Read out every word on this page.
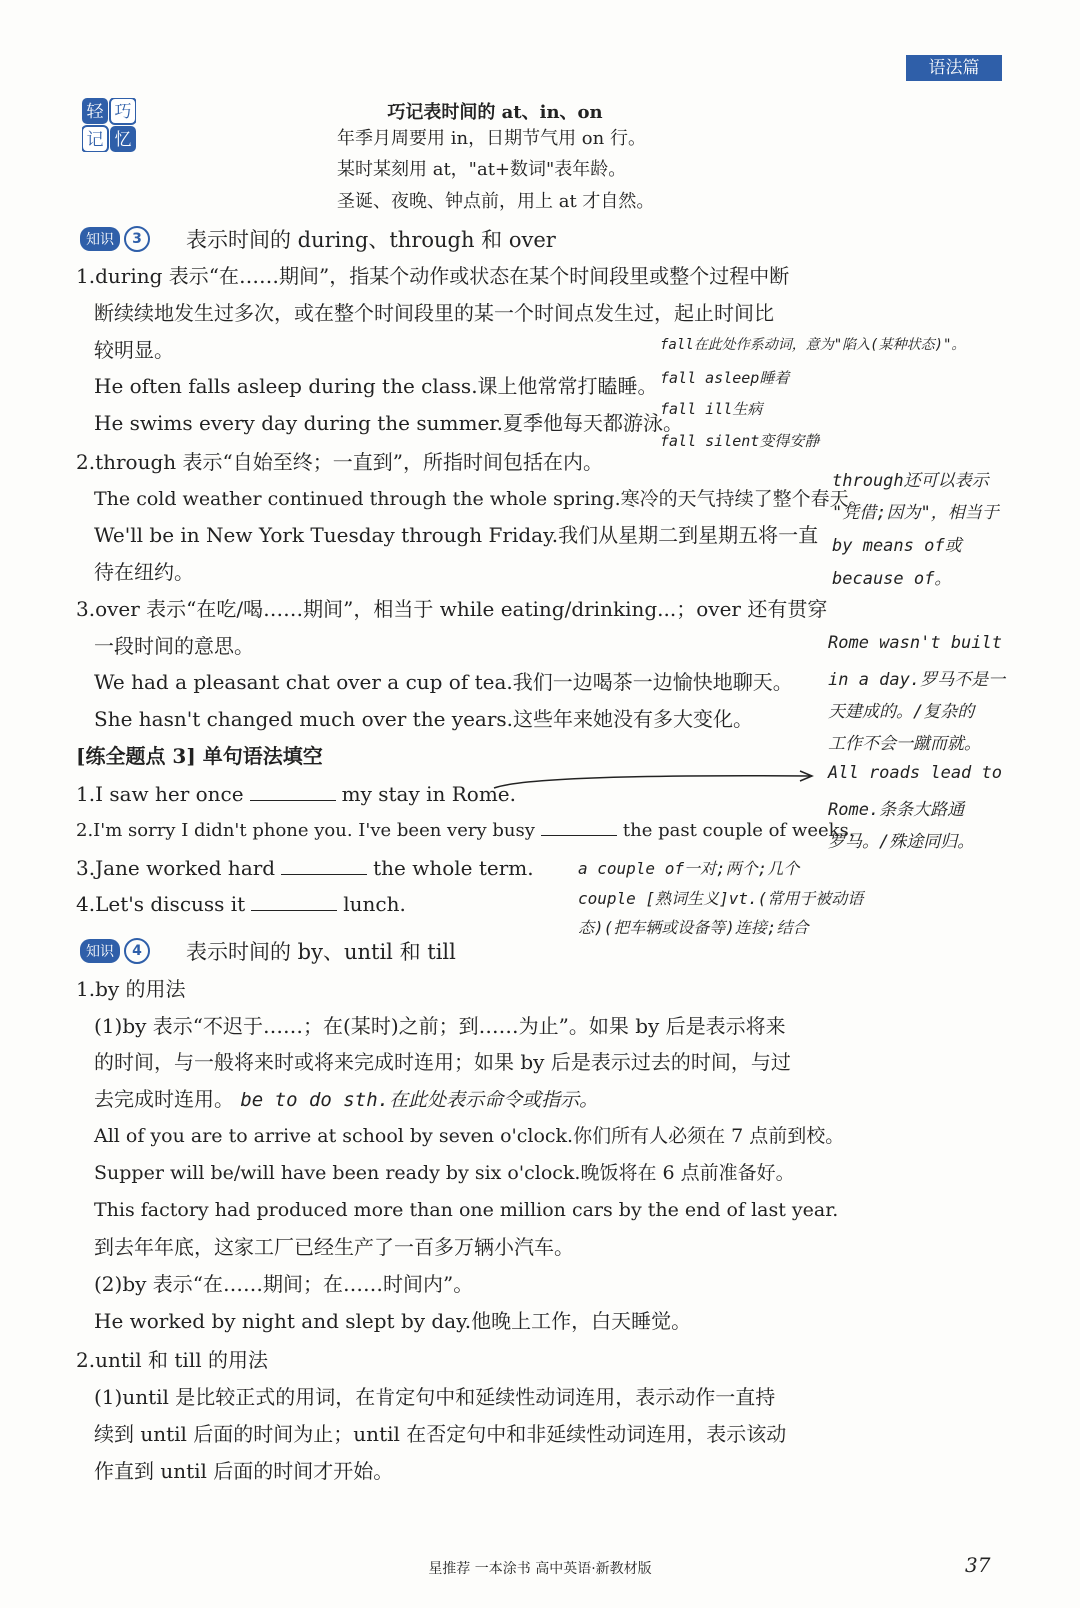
语法篇
轻 巧
记 忆
巧记表时间的 at、in、on
年季月周要用 in，日期节气用 on 行。
某时某刻用 at，"at+数词"表年龄。
圣诞、夜晚、钟点前，用上 at 才自然。
知识	3	表示时间的 during、through 和 over
1.during 表示“在……期间”，指某个动作或状态在某个时间段里或整个过程中断
断续续地发生过多次，或在整个时间段里的某一个时间点发生过，起止时间比
较明显。
He often falls asleep during the class.课上他常常打瞌睡。
He swims every day during the summer.夏季他每天都游泳。
2.through 表示“自始至终；一直到”，所指时间包括在内。
The cold weather continued through the whole spring.寒冷的天气持续了整个春天。
We'll be in New York Tuesday through Friday.我们从星期二到星期五将一直
待在纽约。
3.over 表示“在吃/喝……期间”，相当于 while eating/drinking...；over 还有贯穿
一段时间的意思。
We had a pleasant chat over a cup of tea.我们一边喝茶一边愉快地聊天。
She hasn't changed much over the years.这些年来她没有多大变化。
[练全题点 3] 单句语法填空
1.I saw her once	my stay in Rome.
2.I'm sorry I didn't phone you. I've been very busy	the past couple of weeks.
3.Jane worked hard	the whole term.
4.Let's discuss it	lunch.
知识	4	表示时间的 by、until 和 till
1.by 的用法
(1)by 表示“不迟于……；在(某时)之前；到……为止”。如果 by 后是表示将来
的时间，与一般将来时或将来完成时连用；如果 by 后是表示过去的时间，与过
去完成时连用。 be to do sth.在此处表示命令或指示。
All of you are to arrive at school by seven o'clock.你们所有人必须在 7 点前到校。
Supper will be/will have been ready by six o'clock.晚饭将在 6 点前准备好。
This factory had produced more than one million cars by the end of last year.
到去年年底，这家工厂已经生产了一百多万辆小汽车。
(2)by 表示“在……期间；在……时间内”。
He worked by night and slept by day.他晚上工作，白天睡觉。
2.until 和 till 的用法
(1)until 是比较正式的用词，在肯定句中和延续性动词连用，表示动作一直持
续到 until 后面的时间为止；until 在否定句中和非延续性动词连用，表示该动
作直到 until 后面的时间才开始。
fall在此处作系动词，意为"陷入(某种状态)"。
fall asleep睡着
fall ill生病
fall silent变得安静
through还可以表示
"凭借;因为"，相当于
by means of或
because of。
Rome wasn't built
in a day.罗马不是一
天建成的。/复杂的
工作不会一蹴而就。
All roads lead to
Rome.条条大路通
罗马。/殊途同归。
a couple of一对;两个;几个
couple [熟词生义]vt.(常用于被动语
态)(把车辆或设备等)连接;结合
星推荐 一本涂书 高中英语·新教材版	37
